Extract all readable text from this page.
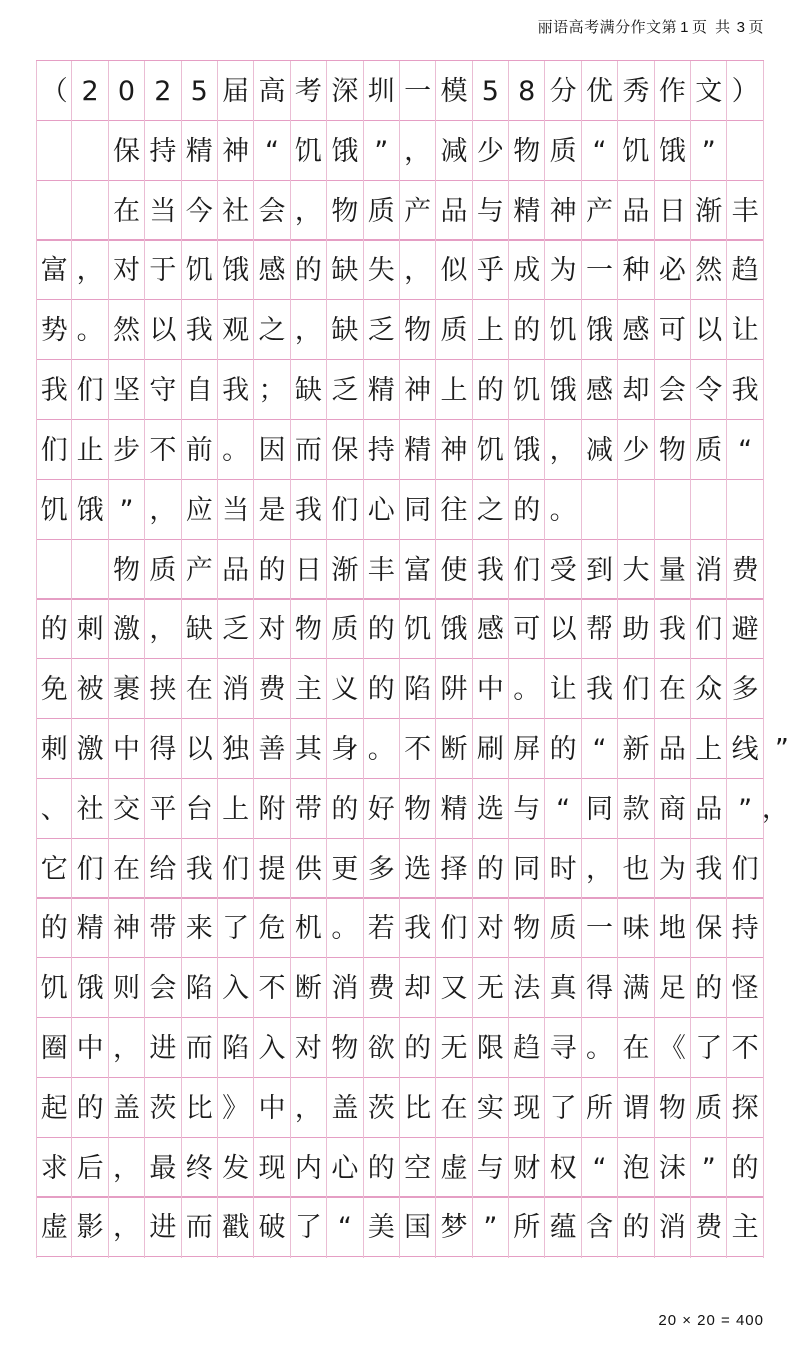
丽语高考满分作文第 1 页 共 3 页
（ 2 0 2 5 届 高 考 深 圳 一 模 5 8 分 优 秀 作 文 ）
保 持 精 神 “ 饥 饿 ” ， 减 少 物 质 “ 饥 饿 ”
在 当 今 社 会 ， 物 质 产 品 与 精 神 产 品 日 渐 丰
富 ， 对 于 饥 饿 感 的 缺 失 ， 似 乎 成 为 一 种 必 然 趋
势 。 然 以 我 观 之 ， 缺 乏 物 质 上 的 饥 饿 感 可 以 让
我 们 坚 守 自 我 ； 缺 乏 精 神 上 的 饥 饿 感 却 会 令 我
们 止 步 不 前 。 因 而 保 持 精 神 饥 饿 ， 减 少 物 质 “
饥 饿 ” ， 应 当 是 我 们 心 同 往 之 的 。
物 质 产 品 的 日 渐 丰 富 使 我 们 受 到 大 量 消 费
的 刺 激 ， 缺 乏 对 物 质 的 饥 饿 感 可 以 帮 助 我 们 避
免 被 裹 挟 在 消 费 主 义 的 陷 阱 中 。 让 我 们 在 众 多
刺 激 中 得 以 独 善 其 身 。 不 断 刷 屏 的 “ 新 品 上 线 ”
、 社 交 平 台 上 附 带 的 好 物 精 选 与 “ 同 款 商 品 ” ，
它 们 在 给 我 们 提 供 更 多 选 择 的 同 时 ， 也 为 我 们
的 精 神 带 来 了 危 机 。 若 我 们 对 物 质 一 味 地 保 持
饥 饿 则 会 陷 入 不 断 消 费 却 又 无 法 真 得 满 足 的 怪
圈 中 ， 进 而 陷 入 对 物 欲 的 无 限 趋 寻 。 在 《 了 不
起 的 盖 茨 比 》 中 ， 盖 茨 比 在 实 现 了 所 谓 物 质 探
求 后 ， 最 终 发 现 内 心 的 空 虚 与 财 权 “ 泡 沫 ” 的
虚 影 ， 进 而 戳 破 了 “ 美 国 梦 ” 所 蕴 含 的 消 费 主
20 × 20 = 400
